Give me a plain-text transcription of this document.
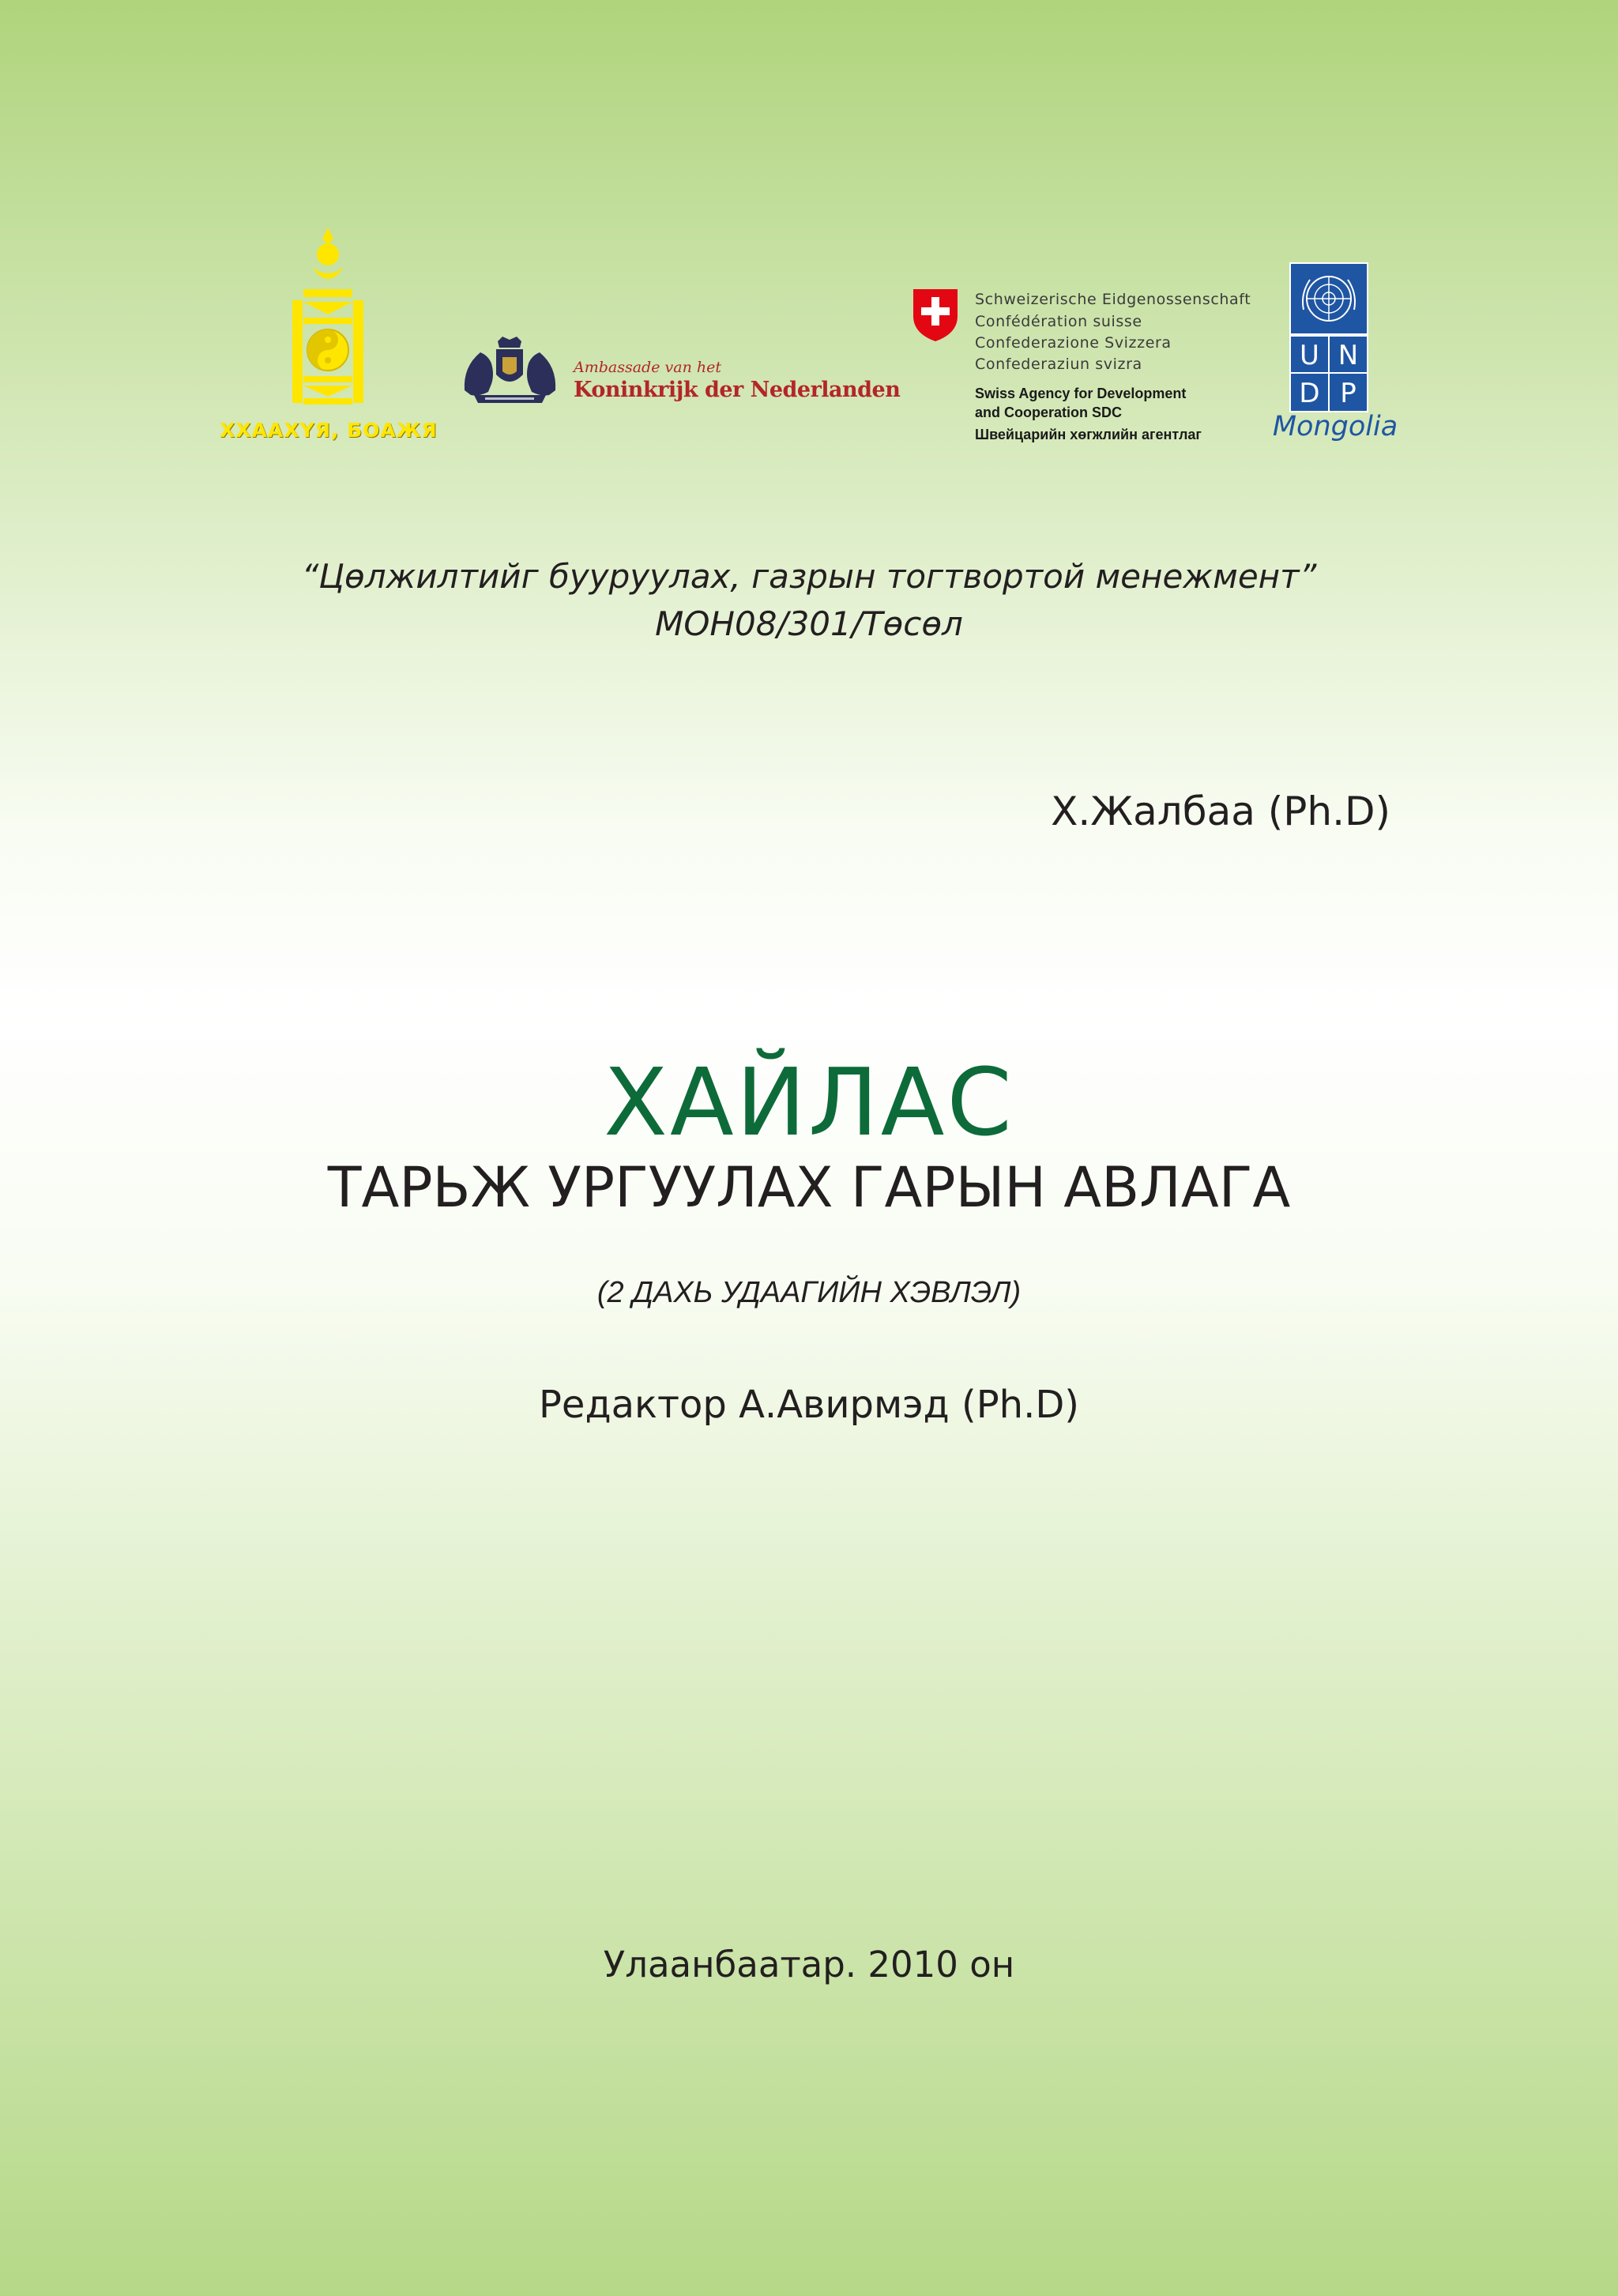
ХХААХҮЯ, БОАЖЯ
Ambassade van het
Koninkrijk der Nederlanden
Schweizerische Eidgenossenschaft
Confédération suisse
Confederazione Svizzera
Confederaziun svizra
Swiss Agency for Development
and Cooperation SDC
Швейцарийн хөгжлийн агентлаг
U N
D P
Mongolia
“Цөлжилтийг бууруулах, газрын тогтвортой менежмент”
МОН08/301/Төсөл
Х.Жалбаа (Ph.D)
ХАЙЛАС
ТАРЬЖ УРГУУЛАХ ГАРЫН АВЛАГА
(2 ДАХЬ УДААГИЙН ХЭВЛЭЛ)
Редактор А.Авирмэд (Ph.D)
Улаанбаатар. 2010 он
